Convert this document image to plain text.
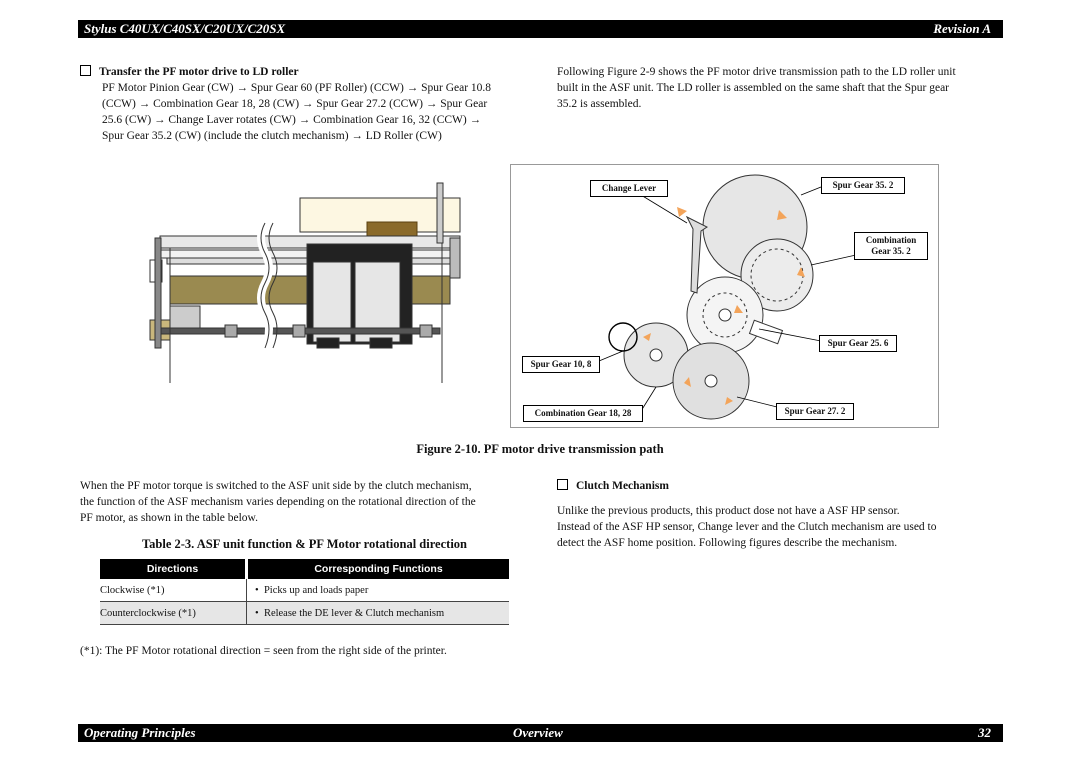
Stylus C40UX/C40SX/C20UX/C20SX	Revision A
Transfer the PF motor drive to LD roller
PF Motor Pinion Gear (CW) → Spur Gear 60 (PF Roller) (CCW) → Spur Gear 10.8
(CCW) → Combination Gear 18, 28 (CW) → Spur Gear 27.2 (CCW) → Spur Gear
25.6 (CW) → Change Laver rotates (CW) → Combination Gear 16, 32 (CCW) →
Spur Gear 35.2 (CW) (include the clutch mechanism) → LD Roller (CW)
Following Figure 2-9 shows the PF motor drive transmission path to the LD roller unit
built in the ASF unit. The LD roller is assembled on the same shaft that the Spur gear
35.2 is assembled.
Change Lever	Spur Gear 35. 2
Combination Gear 35. 2
Spur Gear 25. 6
Spur Gear 10, 8
Combination Gear 18, 28	Spur Gear 27. 2
Figure 2-10. PF motor drive transmission path
When the PF motor torque is switched to the ASF unit side by the clutch mechanism,
the function of the ASF mechanism varies depending on the rotational direction of the
PF motor, as shown in the table below.
Table 2-3. ASF unit function & PF Motor rotational direction
Directions	Corresponding Functions
Clockwise (*1)	• Picks up and loads paper
Counterclockwise (*1)	• Release the DE lever & Clutch mechanism
(*1): The PF Motor rotational direction = seen from the right side of the printer.
Clutch Mechanism
Unlike the previous products, this product dose not have a ASF HP sensor.
Instead of the ASF HP sensor, Change lever and the Clutch mechanism are used to
detect the ASF home position. Following figures describe the mechanism.
Operating Principles	Overview	32
